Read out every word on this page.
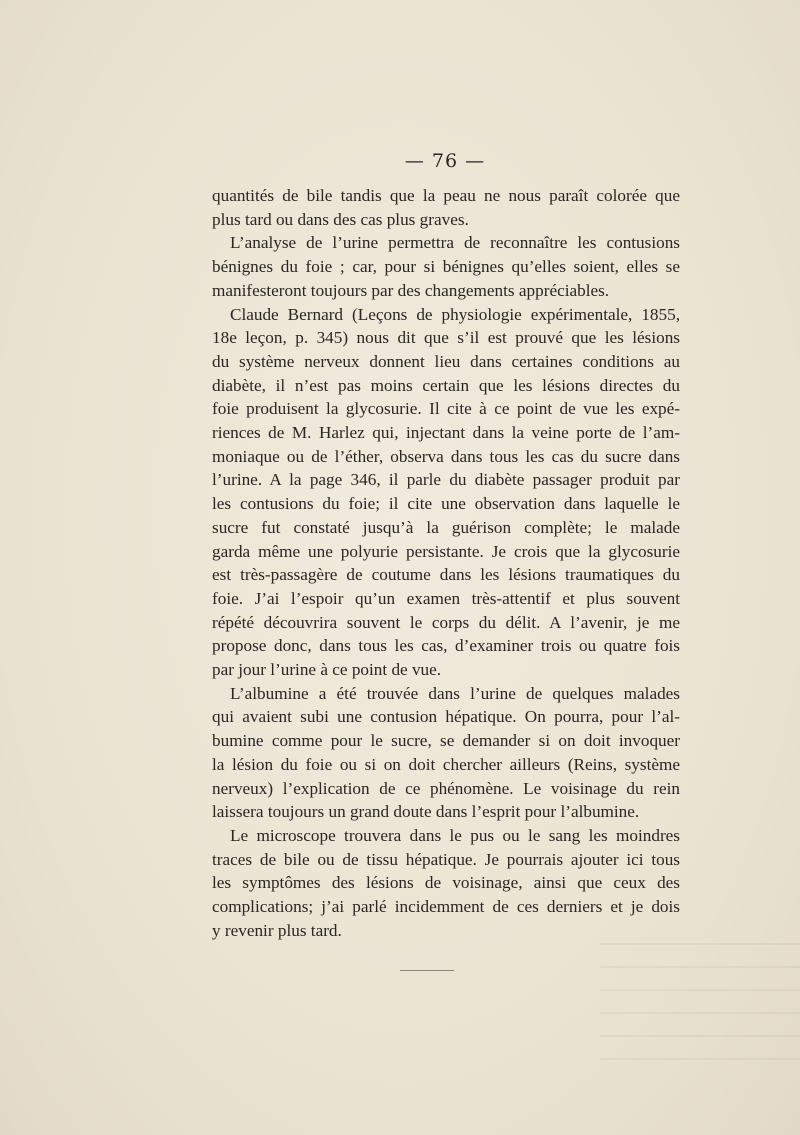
— 76 —
quantités de bile tandis que la peau ne nous paraît colorée que
plus tard ou dans des cas plus graves.
L’analyse de l’urine permettra de reconnaître les contusions
bénignes du foie ; car, pour si bénignes qu’elles soient, elles se
manifesteront toujours par des changements appréciables.
Claude Bernard (Leçons de physiologie expérimentale, 1855,
18e leçon, p. 345) nous dit que s’il est prouvé que les lésions
du système nerveux donnent lieu dans certaines conditions au
diabète, il n’est pas moins certain que les lésions directes du
foie produisent la glycosurie. Il cite à ce point de vue les expé-
riences de M. Harlez qui, injectant dans la veine porte de l’am-
moniaque ou de l’éther, observa dans tous les cas du sucre dans
l’urine. A la page 346, il parle du diabète passager produit par
les contusions du foie; il cite une observation dans laquelle le
sucre fut constaté jusqu’à la guérison complète; le malade
garda même une polyurie persistante. Je crois que la glycosurie
est très-passagère de coutume dans les lésions traumatiques du
foie. J’ai l’espoir qu’un examen très-attentif et plus souvent
répété découvrira souvent le corps du délit. A l’avenir, je me
propose donc, dans tous les cas, d’examiner trois ou quatre fois
par jour l’urine à ce point de vue.
L’albumine a été trouvée dans l’urine de quelques malades
qui avaient subi une contusion hépatique. On pourra, pour l’al-
bumine comme pour le sucre, se demander si on doit invoquer
la lésion du foie ou si on doit chercher ailleurs (Reins, système
nerveux) l’explication de ce phénomène. Le voisinage du rein
laissera toujours un grand doute dans l’esprit pour l’albumine.
Le microscope trouvera dans le pus ou le sang les moindres
traces de bile ou de tissu hépatique. Je pourrais ajouter ici tous
les symptômes des lésions de voisinage, ainsi que ceux des
complications; j’ai parlé incidemment de ces derniers et je dois
y revenir plus tard.
